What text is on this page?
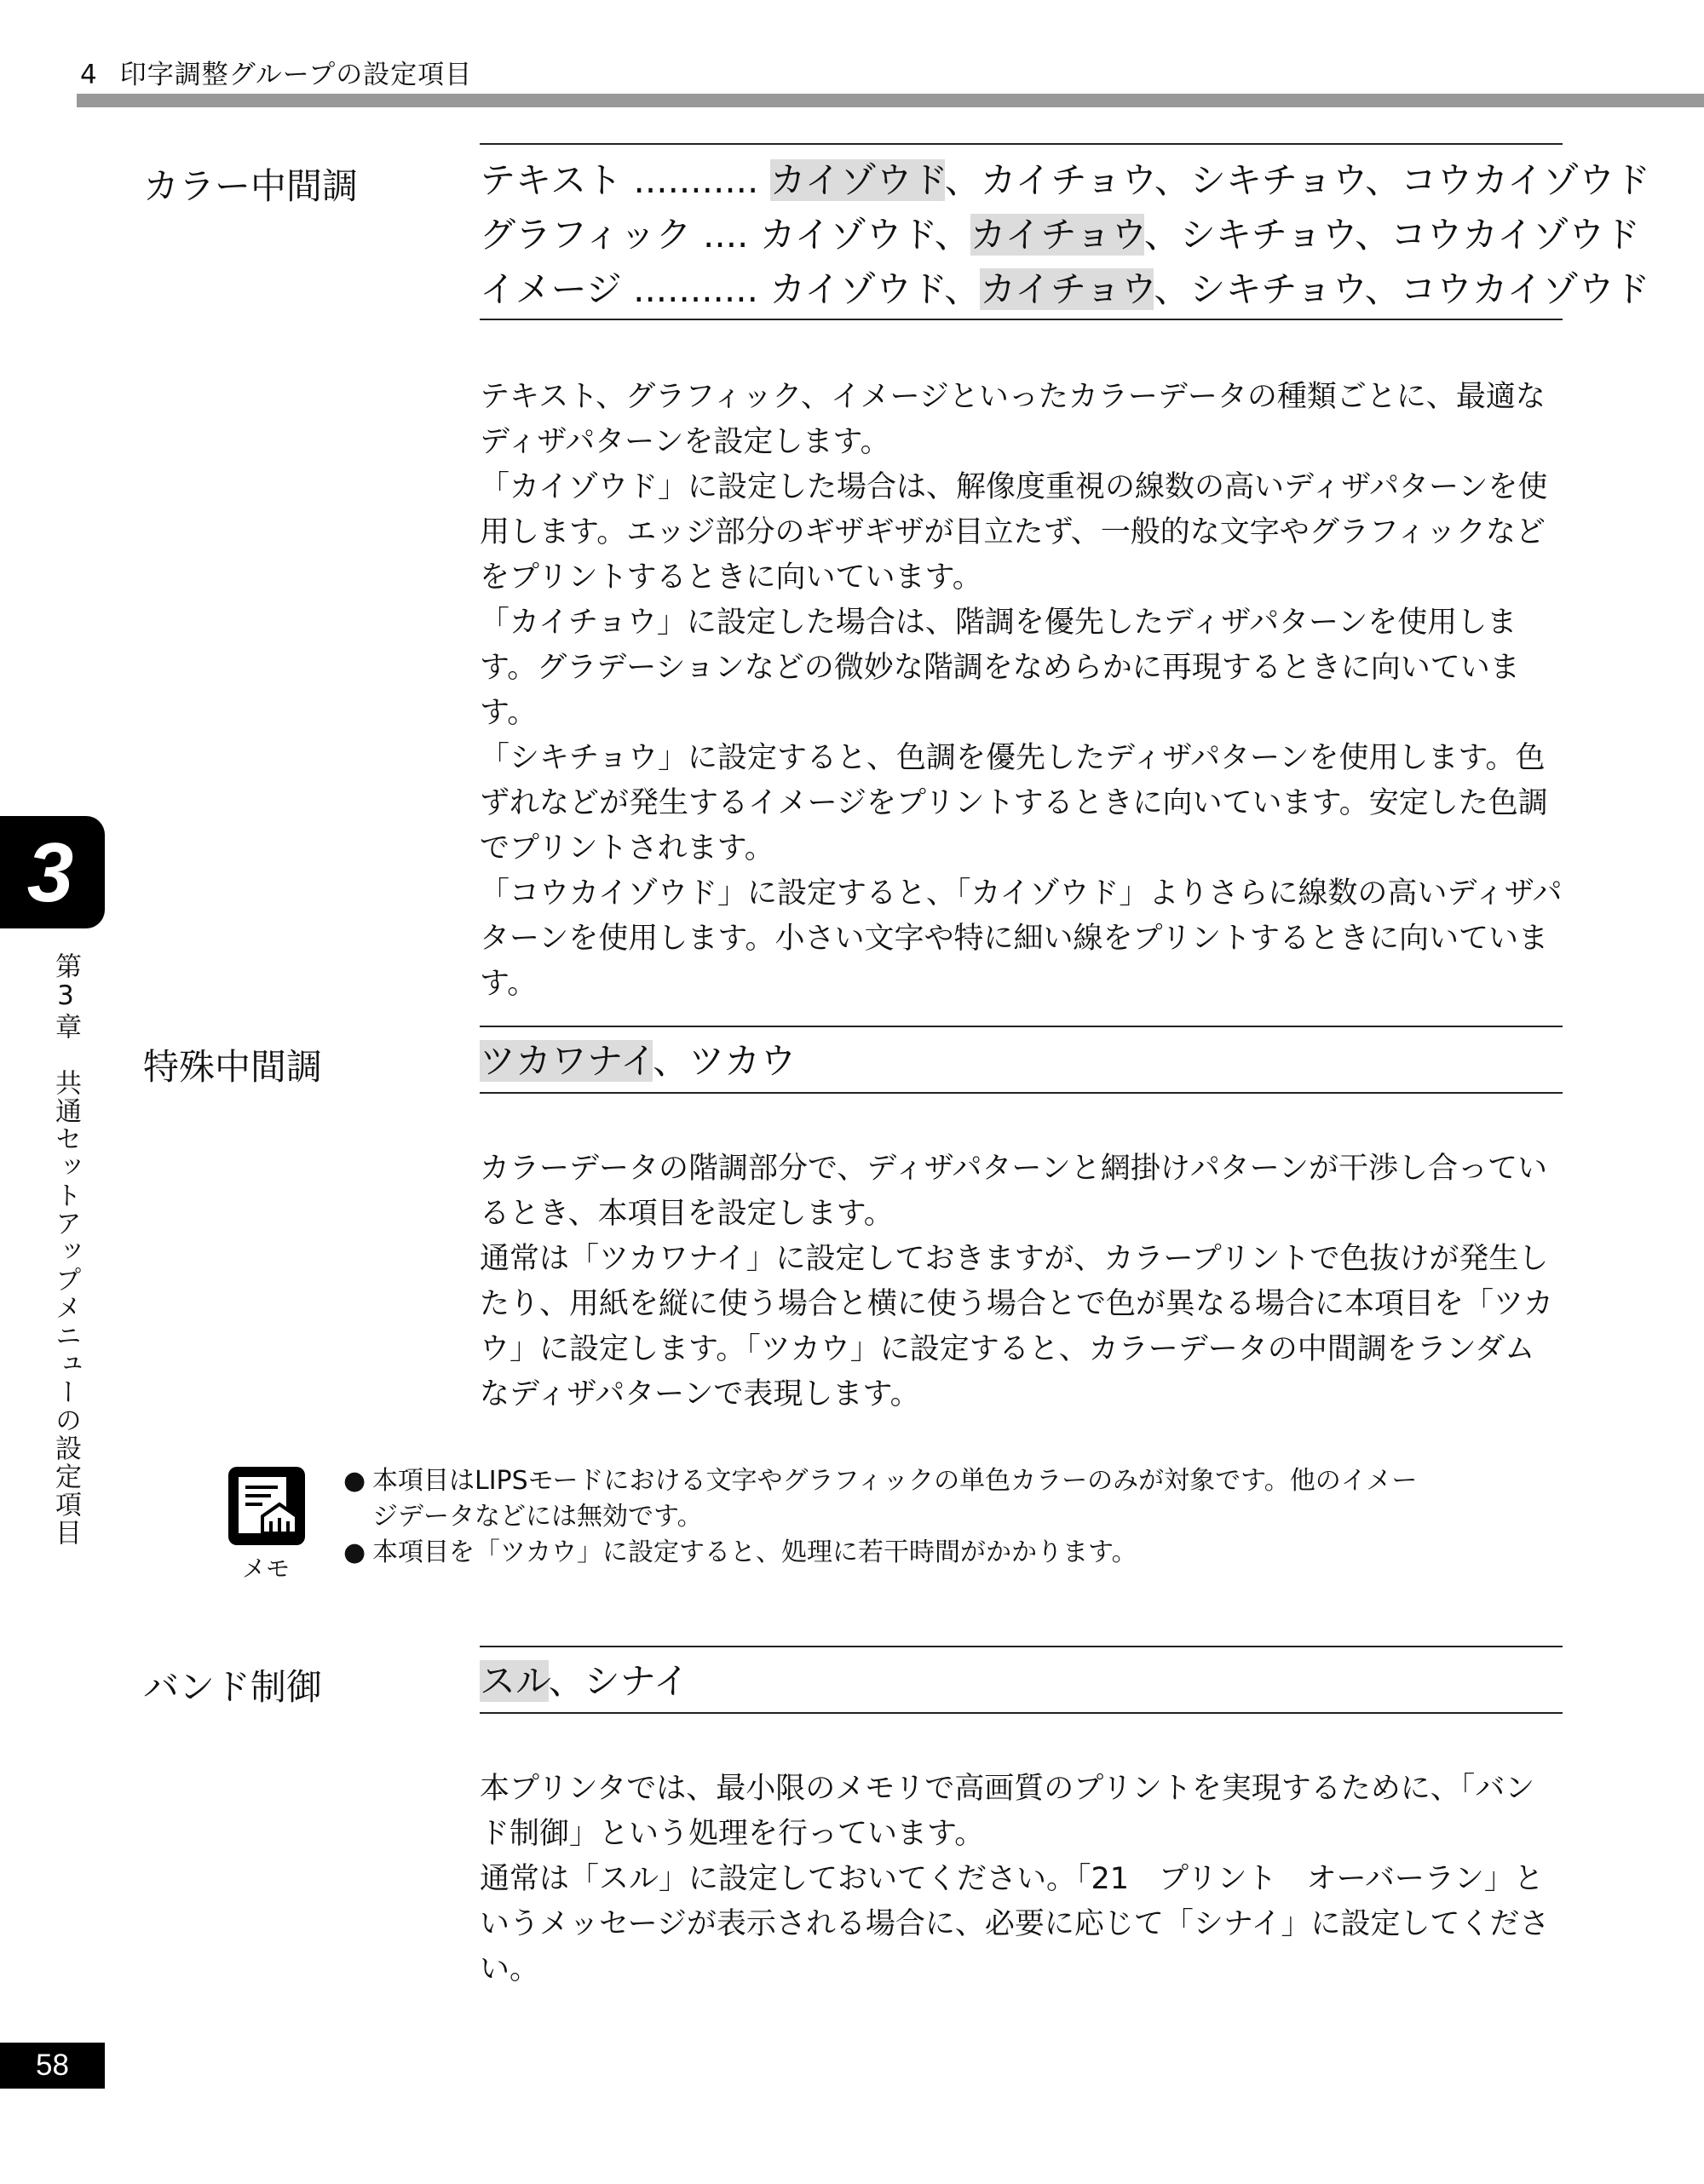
4 印字調整グループの設定項目
カラー中間調	テキスト ........... カイゾウド、カイチョウ、シキチョウ、コウカイゾウド
グラフィック .... カイゾウド、カイチョウ、シキチョウ、コウカイゾウド
イメージ ........... カイゾウド、カイチョウ、シキチョウ、コウカイゾウド

テキスト、グラフィック、イメージといったカラーデータの種類ごとに、最適なディザパターンを設定します。

「カイゾウド」に設定した場合は、解像度重視の線数の高いディザパターンを使用します。エッジ部分のギザギザが目立たず、一般的な文字やグラフィックなどをプリントするときに向いています。

「カイチョウ」に設定した場合は、階調を優先したディザパターンを使用します。グラデーションなどの微妙な階調をなめらかに再現するときに向いています。

「シキチョウ」に設定すると、色調を優先したディザパターンを使用します。色ずれなどが発生するイメージをプリントするときに向いています。安定した色調でプリントされます。

「コウカイゾウド」に設定すると、「カイゾウド」よりさらに線数の高いディザパターンを使用します。小さい文字や特に細い線をプリントするときに向いています。

特殊中間調	ツカワナイ、ツカウ

カラーデータの階調部分で、ディザパターンと網掛けパターンが干渉し合っているとき、本項目を設定します。

通常は「ツカワナイ」に設定しておきますが、カラープリントで色抜けが発生したり、用紙を縦に使う場合と横に使う場合とで色が異なる場合に本項目を「ツカウ」に設定します。「ツカウ」に設定すると、カラーデータの中間調をランダムなディザパターンで表現します。

メモ
● 本項目はLIPSモードにおける文字やグラフィックの単色カラーのみが対象です。他のイメージデータなどには無効です。
● 本項目を「ツカウ」に設定すると、処理に若干時間がかかります。
バンド制御	スル、シナイ

本プリンタでは、最小限のメモリで高画質のプリントを実現するために、「バンド制御」という処理を行っています。

通常は「スル」に設定しておいてください。「21　プリント　オーバーラン」というメッセージが表示される場合に、必要に応じて「シナイ」に設定してください。

3
第3章　共通セットアップメニューの設定項目
58
